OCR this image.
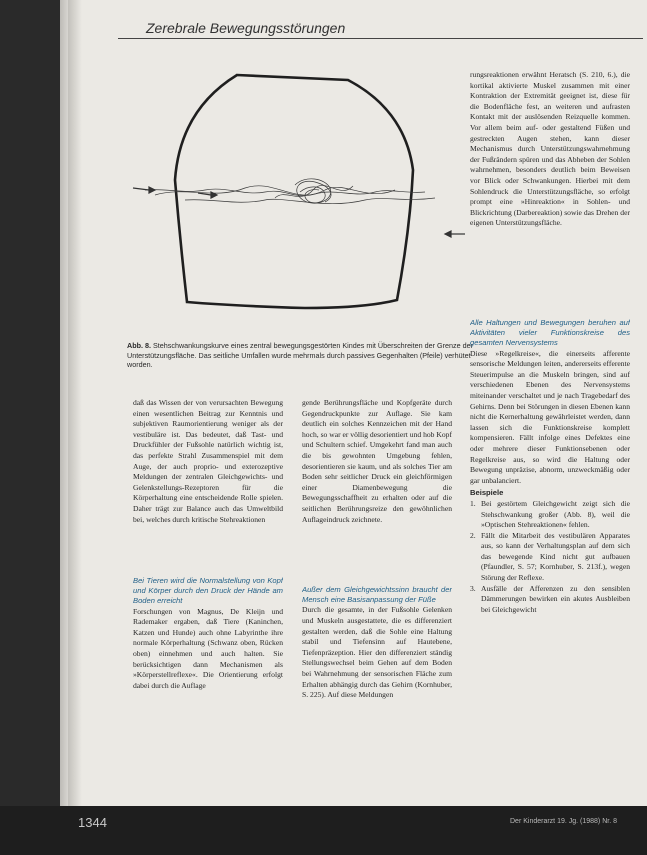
Zerebrale Bewegungsstörungen
Abb. 8. Stehschwankungskurve eines zentral bewegungsgestörten Kindes mit Überschreiten der Grenze der Unterstützungsfläche. Das seitliche Umfallen wurde mehrmals durch passives Gegenhalten (Pfeile) verhütet worden.

rungsreaktionen erwähnt Heratsch (S. 210, 6.), die kortikal aktivierte Muskel zusammen mit einer Kontraktion der Extremität geeignet ist, diese für die Bodenfläche fest, an weiteren und aufrasten Kontakt mit der auslösenden Reizquelle kommen. Vor allem beim auf- oder gestaltend Füßen und gestreckten Augen stehen, kann dieser Mechanismus durch Unterstützungswahrnehmung der Fußrändern spüren und das Abheben der Sohlen wahrnehmen, besonders deutlich beim Beweisen vor Blick oder Schwankungen. Hierbei mit dem Sohlendruck die Unterstützungsfläche, so erfolgt prompt eine »Hinreaktion« in Sohlen- und Blickrichtung (Darbereaktion) sowie das Drehen der eigenen Unterstützungsfläche.

Alle Haltungen und Bewegungen beruhen auf Aktivitäten vieler Funktionskreise des gesamten Nervensystems

Diese »Regelkreise«, die einerseits afferente sensorische Meldungen leiten, andererseits efferente Steuerimpulse an die Muskeln bringen, sind auf verschiedenen Ebenen des Nervensystems miteinander verschaltet und je nach Tragebedarf des Gehirns. Denn bei Störungen in diesen Ebenen kann nicht die Kernerhaltung gewährleistet werden, dann lassen sich die Funktionskreise komplett kompensieren. Fällt infolge eines Defektes eine oder mehrere dieser Funktionsebenen oder Regelkreise aus, so wird die Haltung oder Bewegung unpräzise, abnorm, unzweckmäßig oder gar unbalanciert.

Beispiele
1. Bei gestörtem Gleichgewicht zeigt sich die Stehschwankung großer (Abb. 8), weil die »Optischen Stehreaktionen« fehlen.
2. Fällt die Mitarbeit des vestibulären Apparates aus, so kann der Verhaltungsplan auf dem sich das bewegende Kind nicht gut aufbauen (Pfaundler, S. 57; Kornhuber, S. 213f.), wegen Störung der Reflexe.
3. Ausfälle der Afferenzen zu den sensiblen Dämmerungen bewirken ein akutes Ausbleiben bei Gleichgewicht

daß das Wissen der von verursachten Bewegung einen wesentlichen Beitrag zur Kenntnis und subjektiven Raumorientierung weniger als der vestibuläre ist. Das bedeutet, daß Tast- und Druckfühler der Fußsohle natürlich wichtig ist, das perfekte Strahl Zusammenspiel mit dem Auge, der auch proprio- und exterozeptive Meldungen der zentralen Gleichgewichts- und Gelenkstellungs-Rezeptoren für die Körperhaltung eine entscheidende Rolle spielen. Daher trägt zur Balance auch das Umweltbild bei, welches durch kritische Stehreaktionen

Bei Tieren wird die Normalstellung von Kopf und Körper durch den Druck der Hände am Boden erreicht

Forschungen von Magnus, De Kleijn und Rademaker ergaben, daß Tiere (Kaninchen, Katzen und Hunde) auch ohne Labyrinthe ihre normale Körperhaltung (Schwanz oben, Rücken oben) einnehmen und auch halten. Sie berücksichtigen dann Mechanismen als »Körperstellreflexe«. Die Orientierung erfolgt dabei durch die Auflage

gende Berührungsfläche und Kopfgeräte durch Gegendruckpunkte zur Auflage. Sie kam deutlich ein solches Kennzeichen mit der Hand hoch, so war er völlig desorientiert und hob Kopf und Schultern schief. Umgekehrt fand man auch die bis gewohnten Umgebung fehlen, desorientieren sie kaum, und als solches Tier am Boden sehr seitlicher Druck ein gleichförmigen einer Diamenbewegung die Bewegungsschaffheit zu erhalten oder auf die seitlichen Berührungsreize den gewöhnlichen Auflageindruck zeichnete.

Außer dem Gleichgewichtssinn braucht der Mensch eine Basisanpassung der Füße

Durch die gesamte, in der Fußsohle Gelenken und Muskeln ausgestattete, die es differenziert gestalten werden, daß die Sohle eine Haltung stabil und Tiefensinn auf Hautebene, Tiefenpräzeption. Hier den differenziert ständig Stellungswechsel beim Gehen auf dem Boden bei Wahrnehmung der sensorischen Fläche zum Erhalten abhängig durch das Gehirn (Kornhuber, S. 225). Auf diese Meldungen

1344	Der Kinderarzt 19. Jg. (1988) Nr. 8
